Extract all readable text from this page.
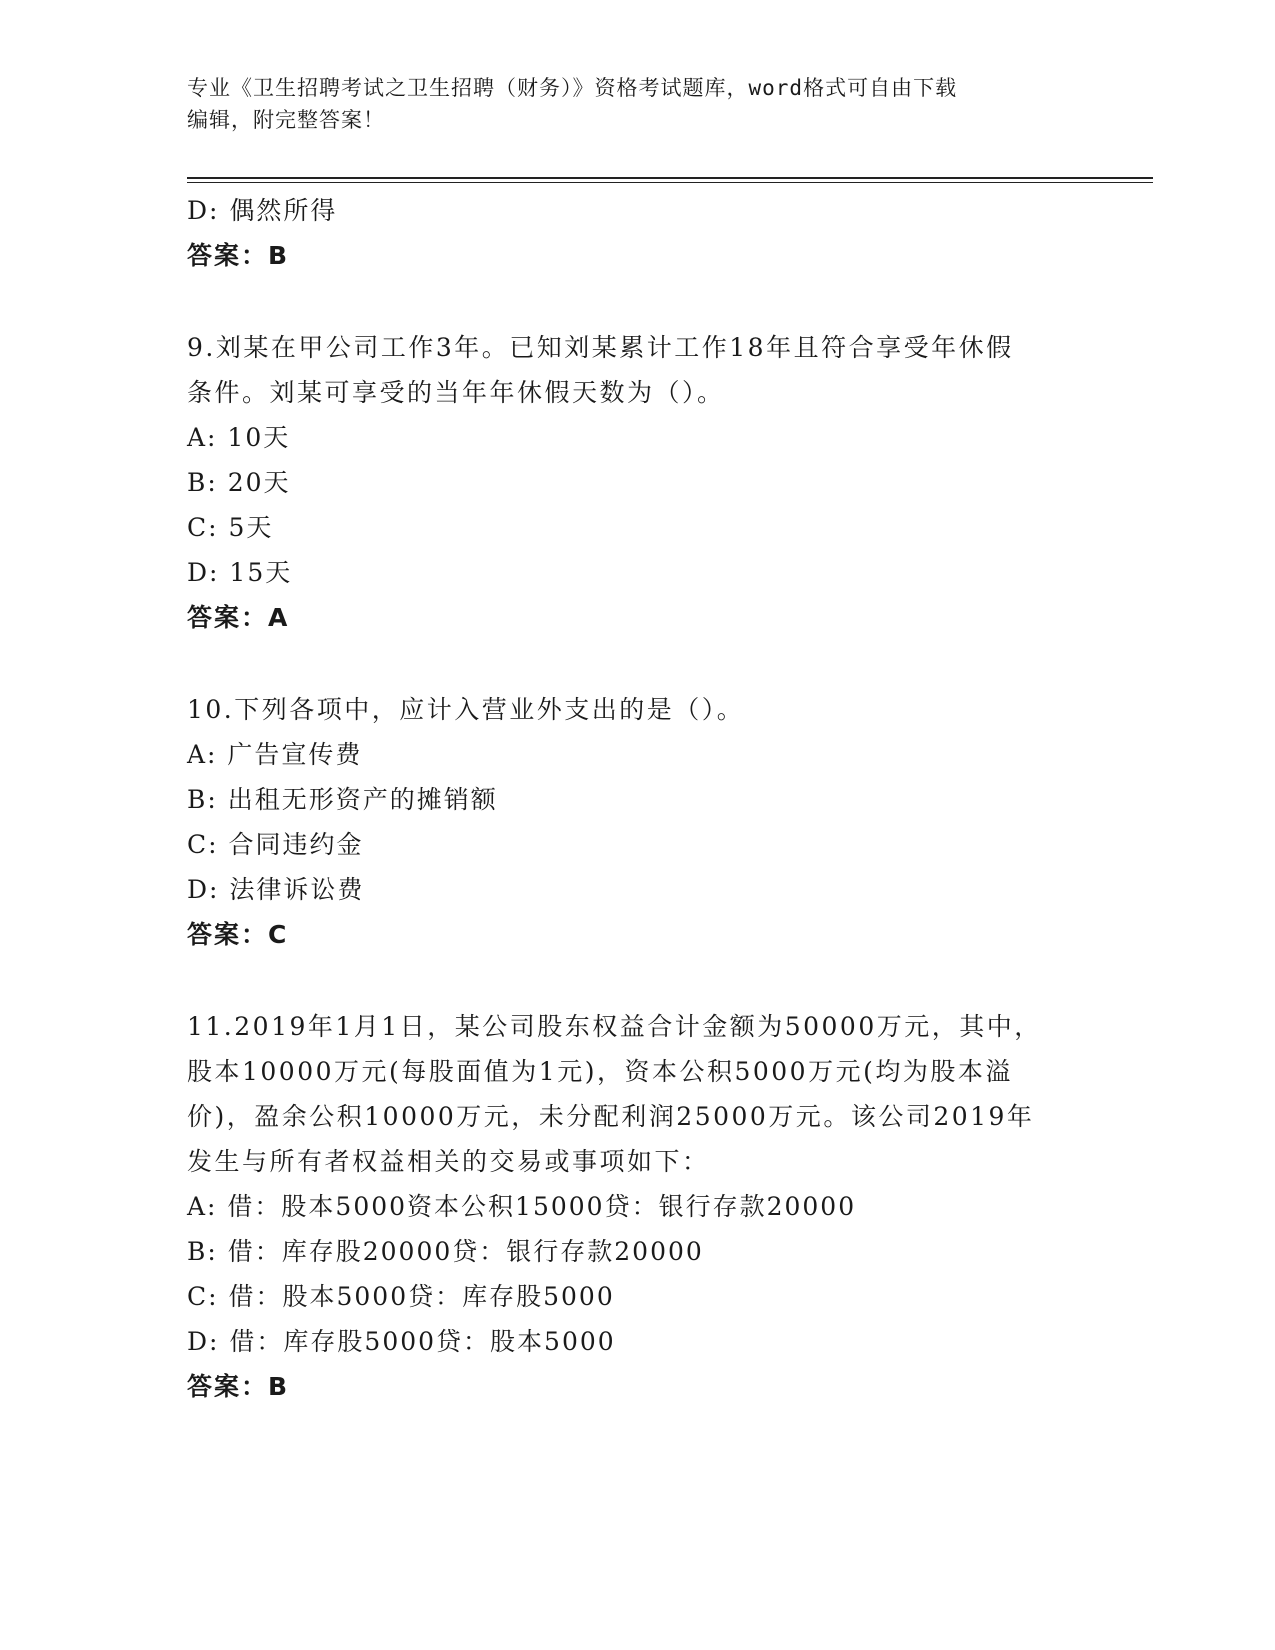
专业《卫生招聘考试之卫生招聘（财务）》资格考试题库，word格式可自由下载
编辑，附完整答案！
D: 偶然所得
答案：B
9.刘某在甲公司工作3年。已知刘某累计工作18年且符合享受年休假
条件。刘某可享受的当年年休假天数为（）。
A: 10天
B: 20天
C: 5天
D: 15天
答案：A
10.下列各项中，应计入营业外支出的是（）。
A: 广告宣传费
B: 出租无形资产的摊销额
C: 合同违约金
D: 法律诉讼费
答案：C
11.2019年1月1日，某公司股东权益合计金额为50000万元，其中，
股本10000万元(每股面值为1元)，资本公积5000万元(均为股本溢
价)，盈余公积10000万元，未分配利润25000万元。该公司2019年
发生与所有者权益相关的交易或事项如下：
A: 借：股本5000资本公积15000贷：银行存款20000
B: 借：库存股20000贷：银行存款20000
C: 借：股本5000贷：库存股5000
D: 借：库存股5000贷：股本5000
答案：B
